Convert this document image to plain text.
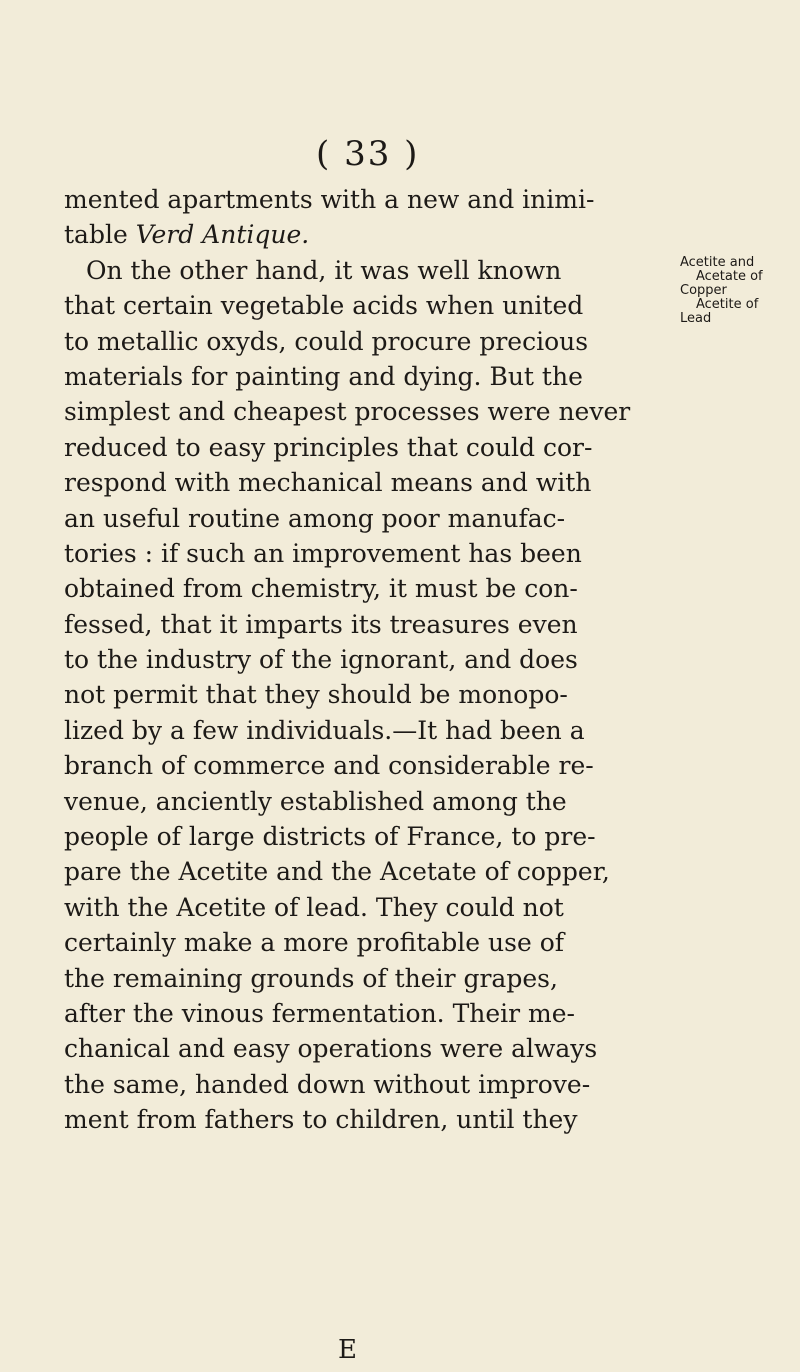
( 33 )
mented apartments with a new and inimi-
table Verd Antique.
On the other hand, it was well known
that certain vegetable acids when united
to metallic oxyds, could procure precious
materials for painting and dying. But the
simplest and cheapest processes were never
reduced to easy principles that could cor-
respond with mechanical means and with
an useful routine among poor manufac-
tories : if such an improvement has been
obtained from chemistry, it must be con-
fessed, that it imparts its treasures even
to the industry of the ignorant, and does
not permit that they should be monopo-
lized by a few individuals.—It had been a
branch of commerce and considerable re-
venue, anciently established among the
people of large districts of France, to pre-
pare the Acetite and the Acetate of copper,
with the Acetite of lead. They could not
certainly make a more profitable use of
the remaining grounds of their grapes,
after the vinous fermentation. Their me-
chanical and easy operations were always
the same, handed down without improve-
ment from fathers to children, until they
Acetite and
Acetate of
Copper
Acetite of
Lead
E
